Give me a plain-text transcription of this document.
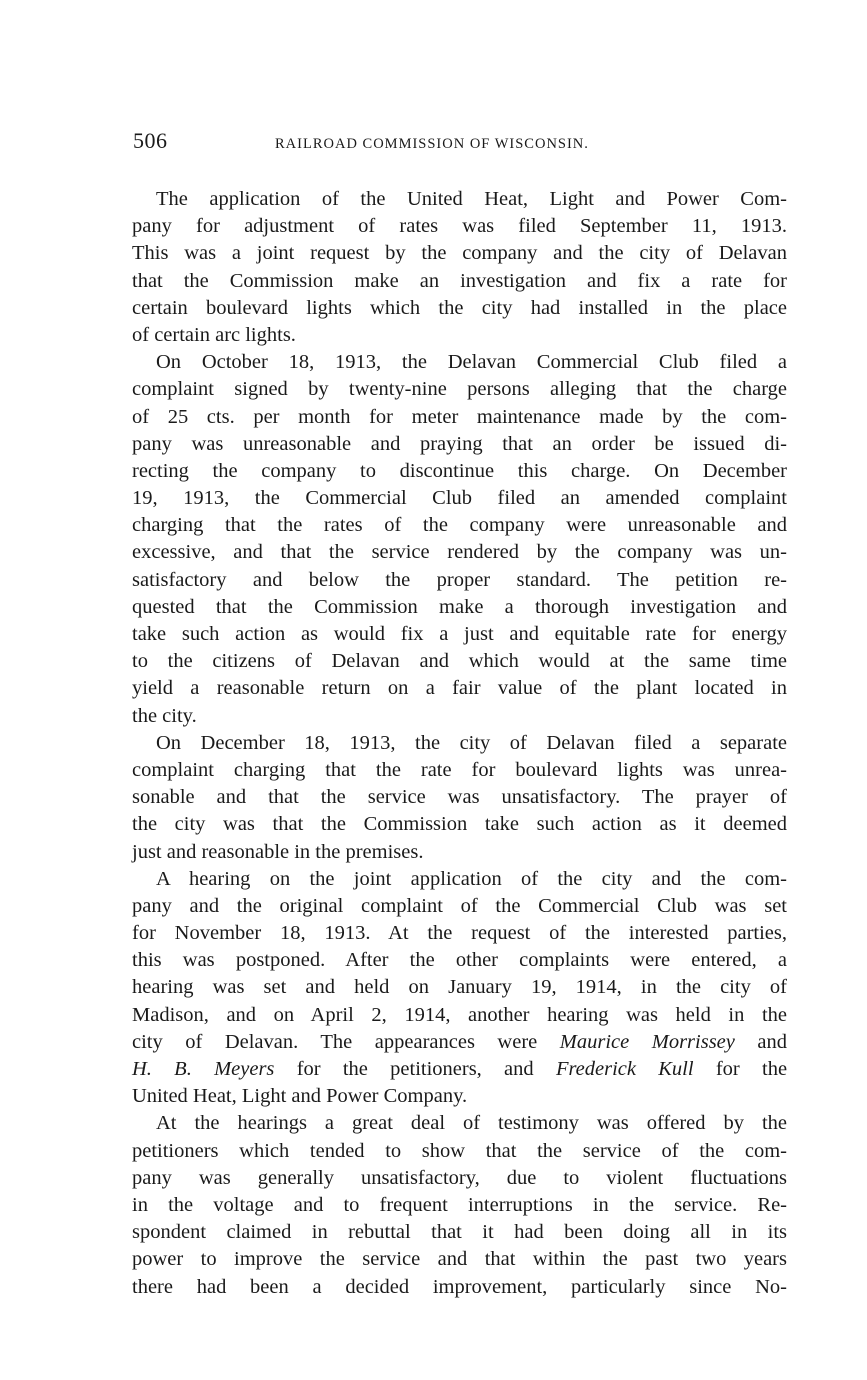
506	RAILROAD COMMISSION OF WISCONSIN.
The application of the United Heat, Light and Power Com-
pany for adjustment of rates was filed September 11, 1913.
This was a joint request by the company and the city of Delavan
that the Commission make an investigation and fix a rate for
certain boulevard lights which the city had installed in the place
of certain arc lights.
On October 18, 1913, the Delavan Commercial Club filed a
complaint signed by twenty-nine persons alleging that the charge
of 25 cts. per month for meter maintenance made by the com-
pany was unreasonable and praying that an order be issued di-
recting the company to discontinue this charge. On December
19, 1913, the Commercial Club filed an amended complaint
charging that the rates of the company were unreasonable and
excessive, and that the service rendered by the company was un-
satisfactory and below the proper standard. The petition re-
quested that the Commission make a thorough investigation and
take such action as would fix a just and equitable rate for energy
to the citizens of Delavan and which would at the same time
yield a reasonable return on a fair value of the plant located in
the city.
On December 18, 1913, the city of Delavan filed a separate
complaint charging that the rate for boulevard lights was unrea-
sonable and that the service was unsatisfactory. The prayer of
the city was that the Commission take such action as it deemed
just and reasonable in the premises.
A hearing on the joint application of the city and the com-
pany and the original complaint of the Commercial Club was set
for November 18, 1913. At the request of the interested parties,
this was postponed. After the other complaints were entered, a
hearing was set and held on January 19, 1914, in the city of
Madison, and on April 2, 1914, another hearing was held in the
city of Delavan. The appearances were Maurice Morrissey and
H. B. Meyers for the petitioners, and Frederick Kull for the
United Heat, Light and Power Company.
At the hearings a great deal of testimony was offered by the
petitioners which tended to show that the service of the com-
pany was generally unsatisfactory, due to violent fluctuations
in the voltage and to frequent interruptions in the service. Re-
spondent claimed in rebuttal that it had been doing all in its
power to improve the service and that within the past two years
there had been a decided improvement, particularly since No-
